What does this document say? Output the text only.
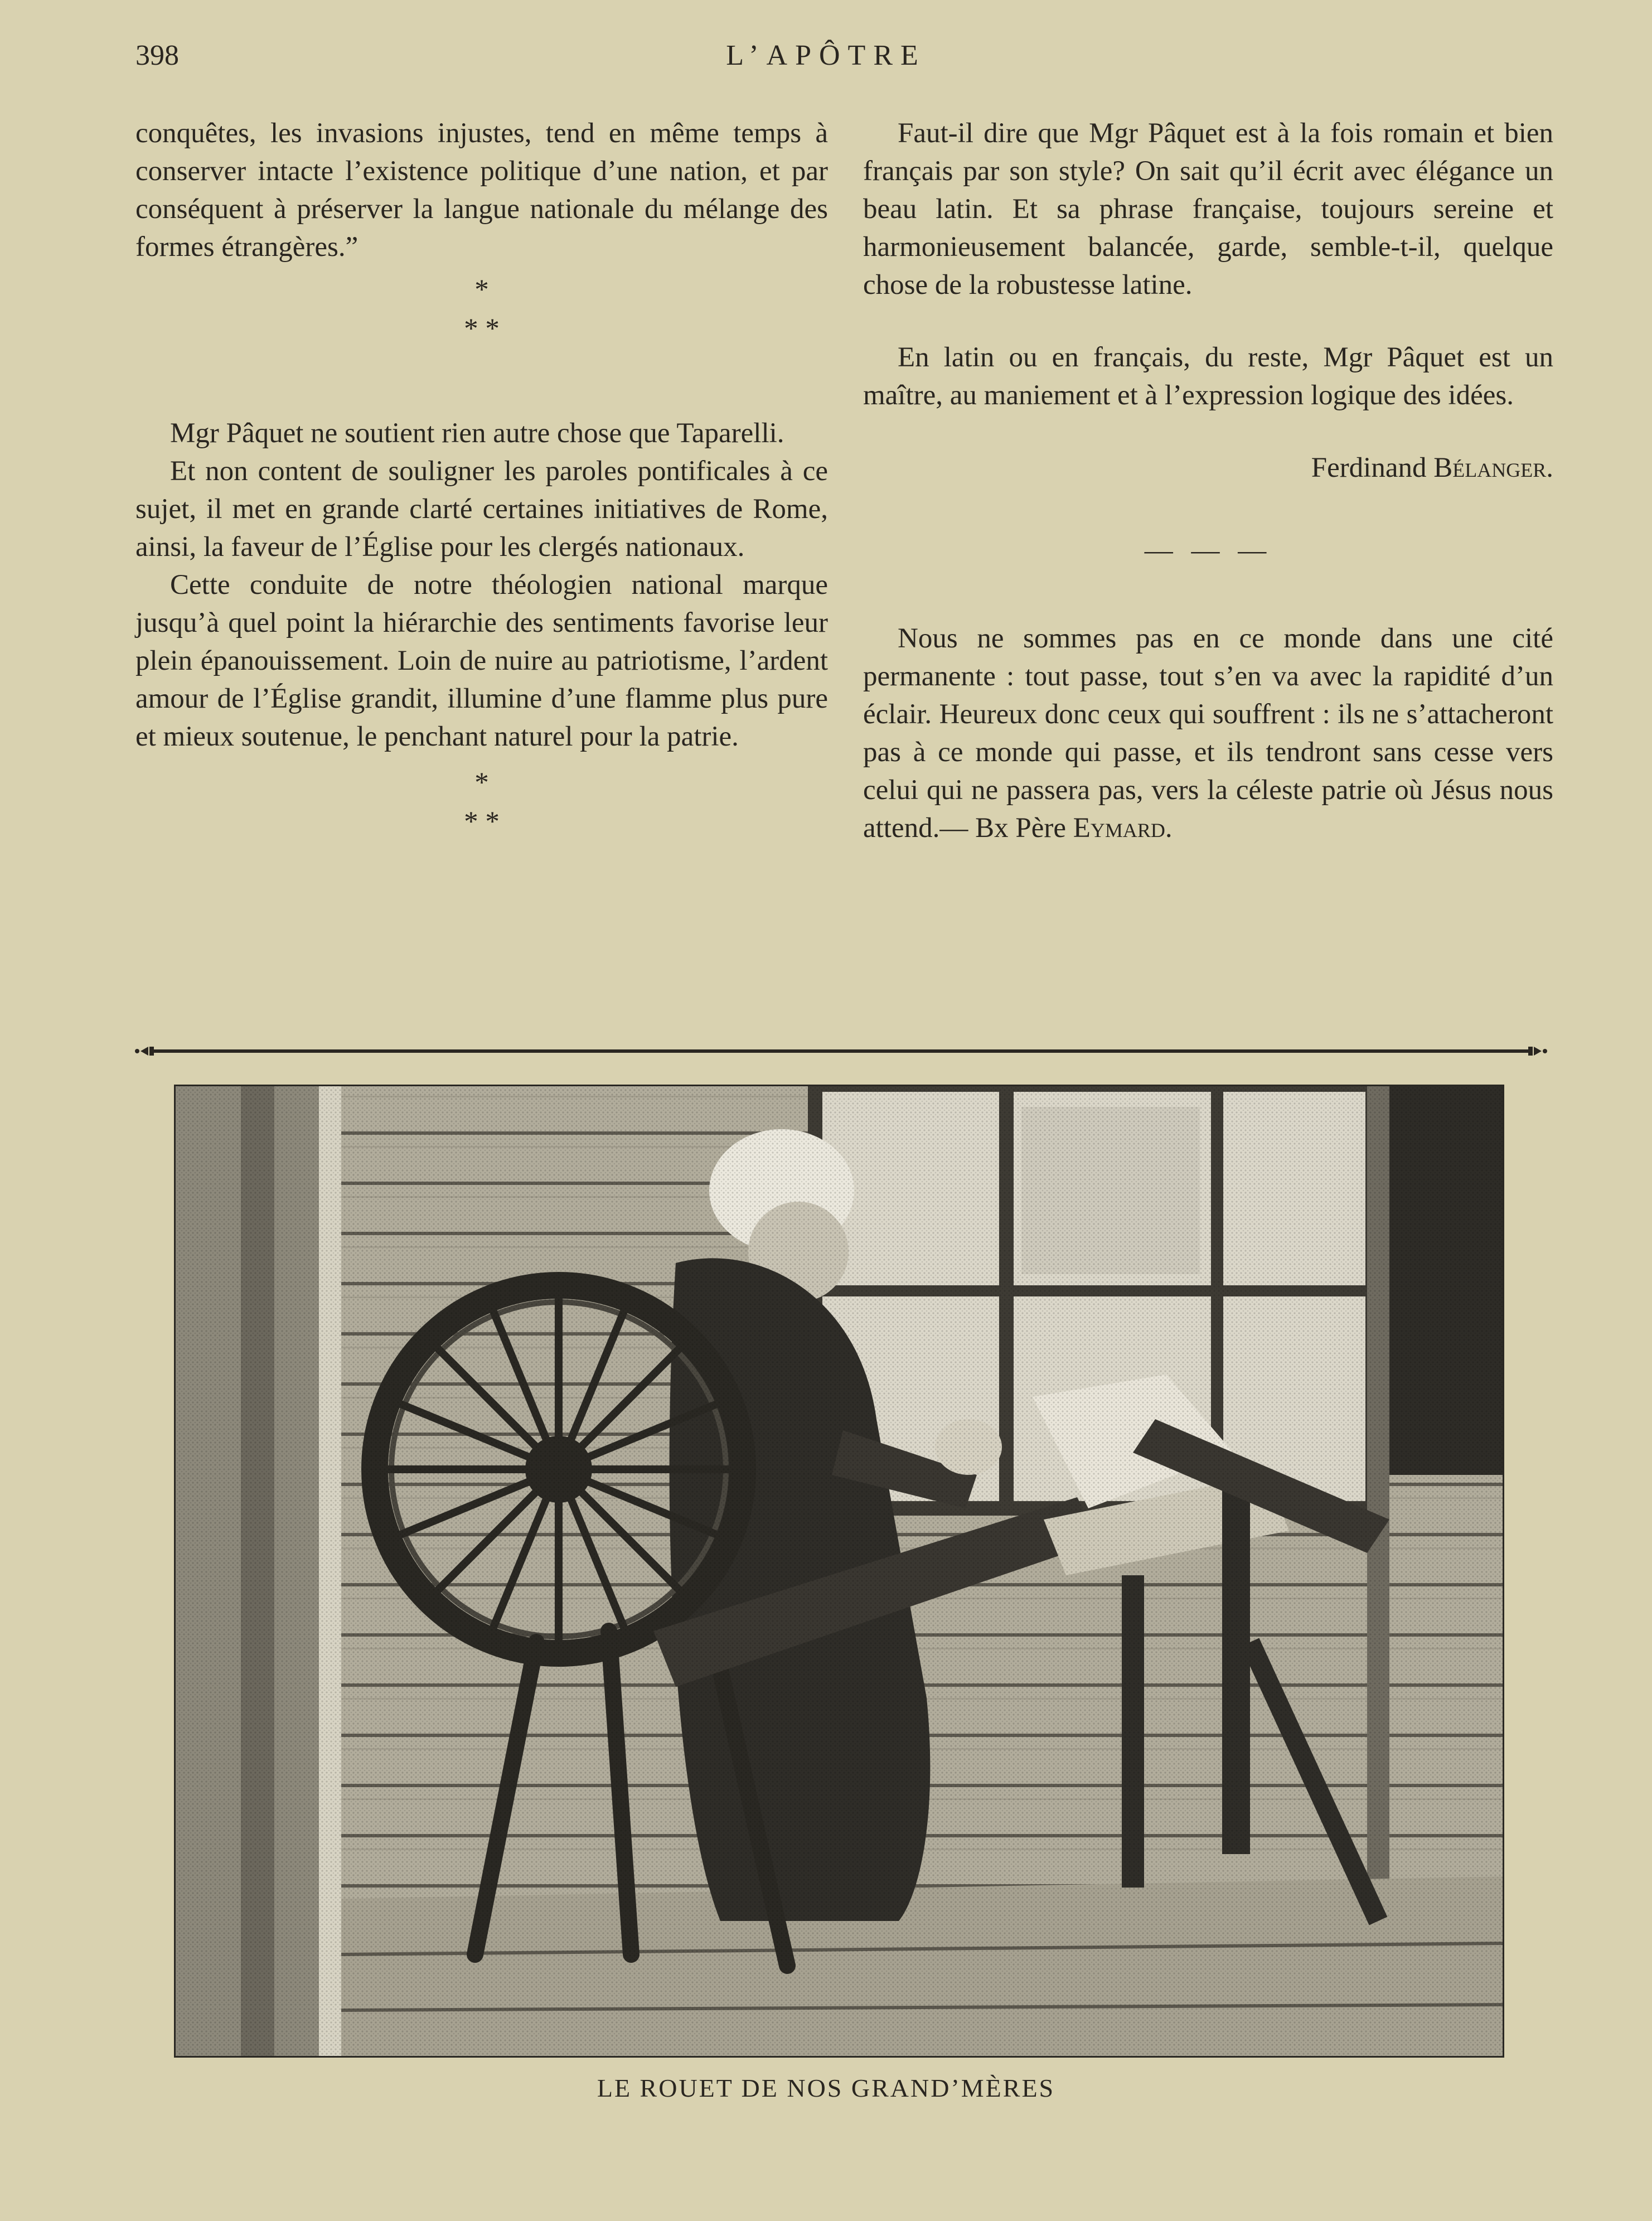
398	L’APÔTRE

conquêtes, les invasions injustes, tend en même temps à conserver intacte l’existence politique d’une nation, et par conséquent à préserver la langue nationale du mélange des formes étrangères.”

*
* *

Mgr Pâquet ne soutient rien autre chose que Taparelli.

Et non content de souligner les paroles pontificales à ce sujet, il met en grande clarté certaines initiatives de Rome, ainsi, la faveur de l’Église pour les clergés nationaux.

Cette conduite de notre théologien national marque jusqu’à quel point la hiérarchie des sentiments favorise leur plein épanouissement. Loin de nuire au patriotisme, l’ardent amour de l’Église grandit, illumine d’une flamme plus pure et mieux soutenue, le penchant naturel pour la patrie.

*
* *

Faut-il dire que Mgr Pâquet est à la fois romain et bien français par son style? On sait qu’il écrit avec élégance un beau latin. Et sa phrase française, toujours sereine et harmonieusement balancée, garde, semble-t-il, quelque chose de la robustesse latine.

En latin ou en français, du reste, Mgr Pâquet est un maître, au maniement et à l’expression logique des idées.

Ferdinand Bélanger.

— — —

Nous ne sommes pas en ce monde dans une cité permanente : tout passe, tout s’en va avec la rapidité d’un éclair. Heureux donc ceux qui souffrent : ils ne s’attacheront pas à ce monde qui passe, et ils tendront sans cesse vers celui qui ne passera pas, vers la céleste patrie où Jésus nous attend.— Bx Père Eymard.

LE ROUET DE NOS GRAND’MÈRES
